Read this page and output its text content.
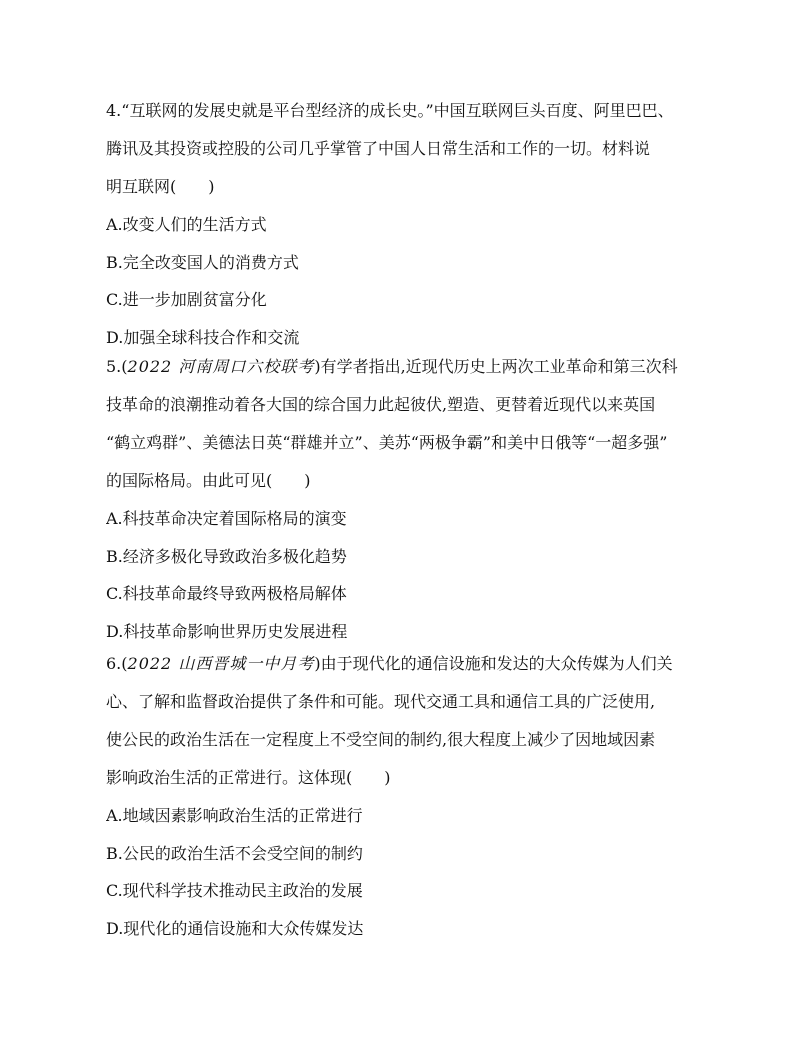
4.“互联网的发展史就是平台型经济的成长史。”中国互联网巨头百度、阿里巴巴、
腾讯及其投资或控股的公司几乎掌管了中国人日常生活和工作的一切。材料说
明互联网(　　)
A.改变人们的生活方式
B.完全改变国人的消费方式
C.进一步加剧贫富分化
D.加强全球科技合作和交流
5.(2022 河南周口六校联考)有学者指出,近现代历史上两次工业革命和第三次科
技革命的浪潮推动着各大国的综合国力此起彼伏,塑造、更替着近现代以来英国
“鹤立鸡群”、美德法日英“群雄并立”、美苏“两极争霸”和美中日俄等“一超多强”
的国际格局。由此可见(　　)
A.科技革命决定着国际格局的演变
B.经济多极化导致政治多极化趋势
C.科技革命最终导致两极格局解体
D.科技革命影响世界历史发展进程
6.(2022 山西晋城一中月考)由于现代化的通信设施和发达的大众传媒为人们关
心、了解和监督政治提供了条件和可能。现代交通工具和通信工具的广泛使用,
使公民的政治生活在一定程度上不受空间的制约,很大程度上减少了因地域因素
影响政治生活的正常进行。这体现(　　)
A.地域因素影响政治生活的正常进行
B.公民的政治生活不会受空间的制约
C.现代科学技术推动民主政治的发展
D.现代化的通信设施和大众传媒发达
